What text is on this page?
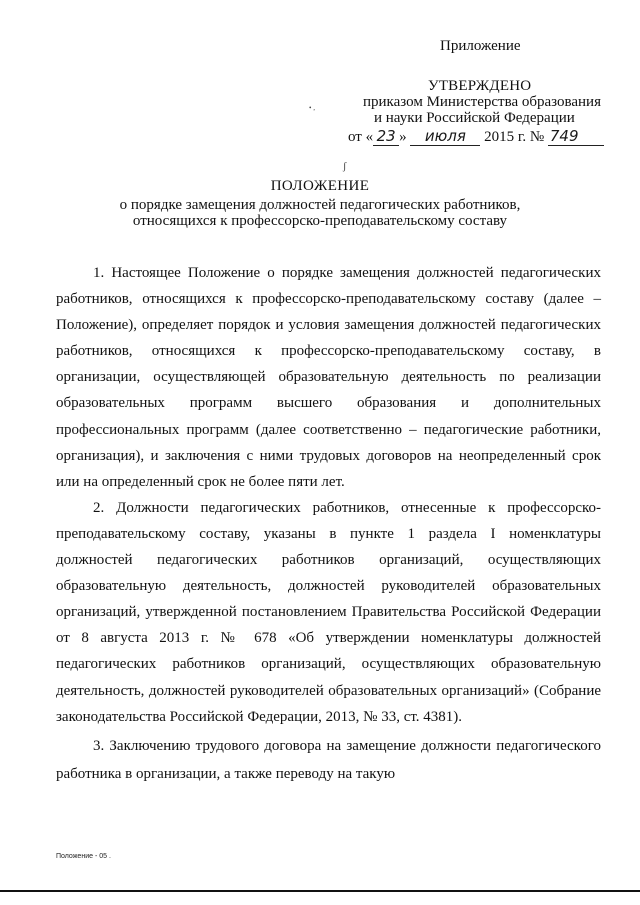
Приложение
УТВЕРЖДЕНО
приказом Министерства образования
и науки Российской Федерации
• ,
от « 23 » июля 2015 г. № 749
ʃ
ПОЛОЖЕНИЕ
о порядке замещения должностей педагогических работников,
относящихся к профессорско-преподавательскому составу

1. Настоящее Положение о порядке замещения должностей педагогических работников, относящихся к профессорско-преподавательскому составу (далее – Положение), определяет порядок и условия замещения должностей педагогических работников, относящихся к профессорско-преподавательскому составу, в организации, осуществляющей образовательную деятельность по реализации образовательных программ высшего образования и дополнительных профессиональных программ (далее соответственно – педагогические работники, организация), и заключения с ними трудовых договоров на неопределенный срок или на определенный срок не более пяти лет.

2. Должности педагогических работников, отнесенные к профессорско-преподавательскому составу, указаны в пункте 1 раздела I номенклатуры должностей педагогических работников организаций, осуществляющих образовательную деятельность, должностей руководителей образовательных организаций, утвержденной постановлением Правительства Российской Федерации от 8 августа 2013 г. № 678 «Об утверждении номенклатуры должностей педагогических работников организаций, осуществляющих образовательную деятельность, должностей руководителей образовательных организаций» (Собрание законодательства Российской Федерации, 2013, № 33, ст. 4381).

3. Заключению трудового договора на замещение должности педагогического работника в организации, а также переводу на такую

Положение - 05 .
